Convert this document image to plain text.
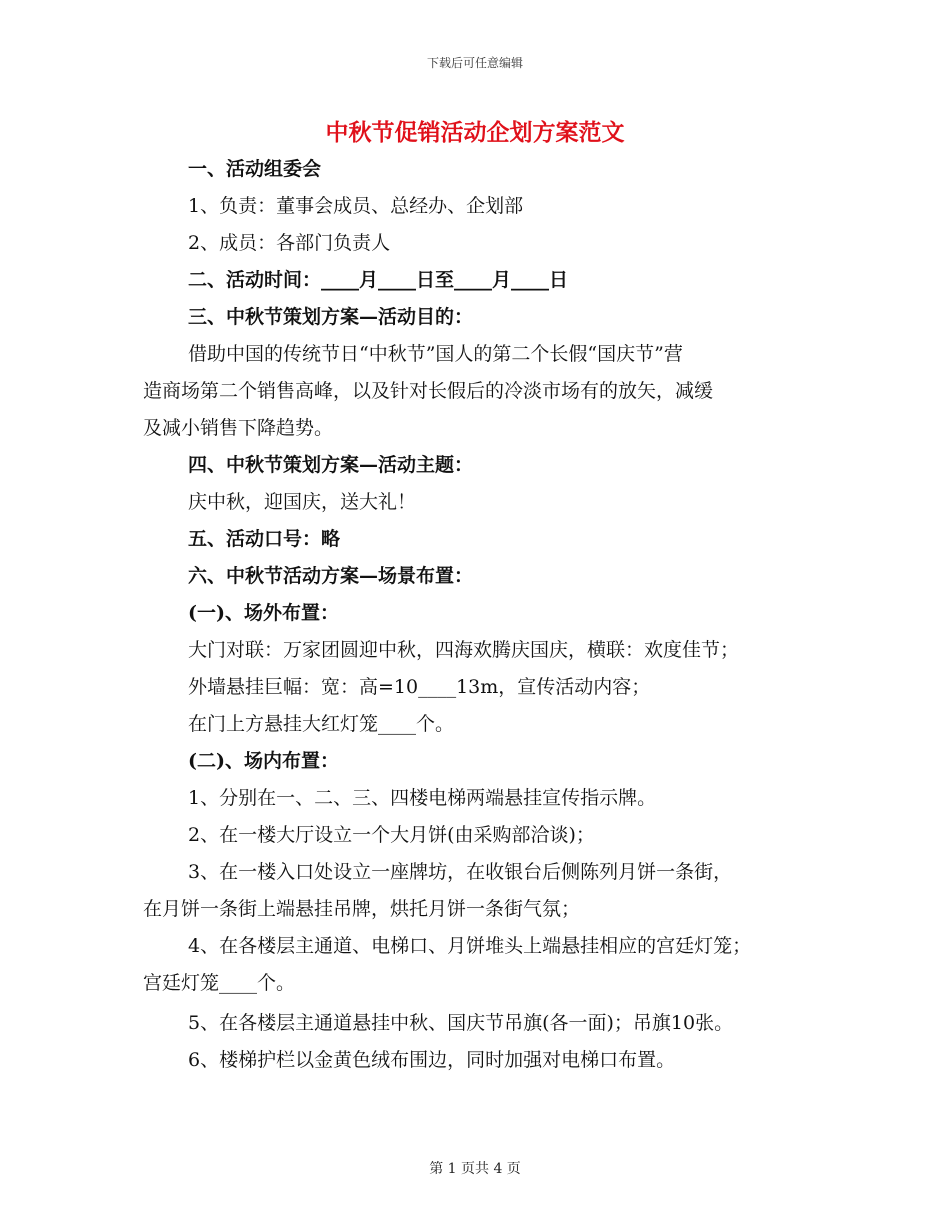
下载后可任意编辑
中秋节促销活动企划方案范文
一、活动组委会
1、负责：董事会成员、总经办、企划部
2、成员：各部门负责人
二、活动时间：____月____日至____月____日
三、中秋节策划方案—活动目的：
借助中国的传统节日“中秋节”国人的第二个长假“国庆节”营
造商场第二个销售高峰，以及针对长假后的冷淡市场有的放矢，减缓
及减小销售下降趋势。
四、中秋节策划方案—活动主题：
庆中秋，迎国庆，送大礼！
五、活动口号：略
六、中秋节活动方案—场景布置：
(一)、场外布置：
大门对联：万家团圆迎中秋，四海欢腾庆国庆，横联：欢度佳节；
外墙悬挂巨幅：宽：高=10____13m，宣传活动内容；
在门上方悬挂大红灯笼____个。
(二)、场内布置：
1、分别在一、二、三、四楼电梯两端悬挂宣传指示牌。
2、在一楼大厅设立一个大月饼(由采购部洽谈)；
3、在一楼入口处设立一座牌坊，在收银台后侧陈列月饼一条街，
在月饼一条街上端悬挂吊牌，烘托月饼一条街气氛；
4、在各楼层主通道、电梯口、月饼堆头上端悬挂相应的宫廷灯笼；
宫廷灯笼____个。
5、在各楼层主通道悬挂中秋、国庆节吊旗(各一面)；吊旗10张。
6、楼梯护栏以金黄色绒布围边，同时加强对电梯口布置。
第 1 页共 4 页
